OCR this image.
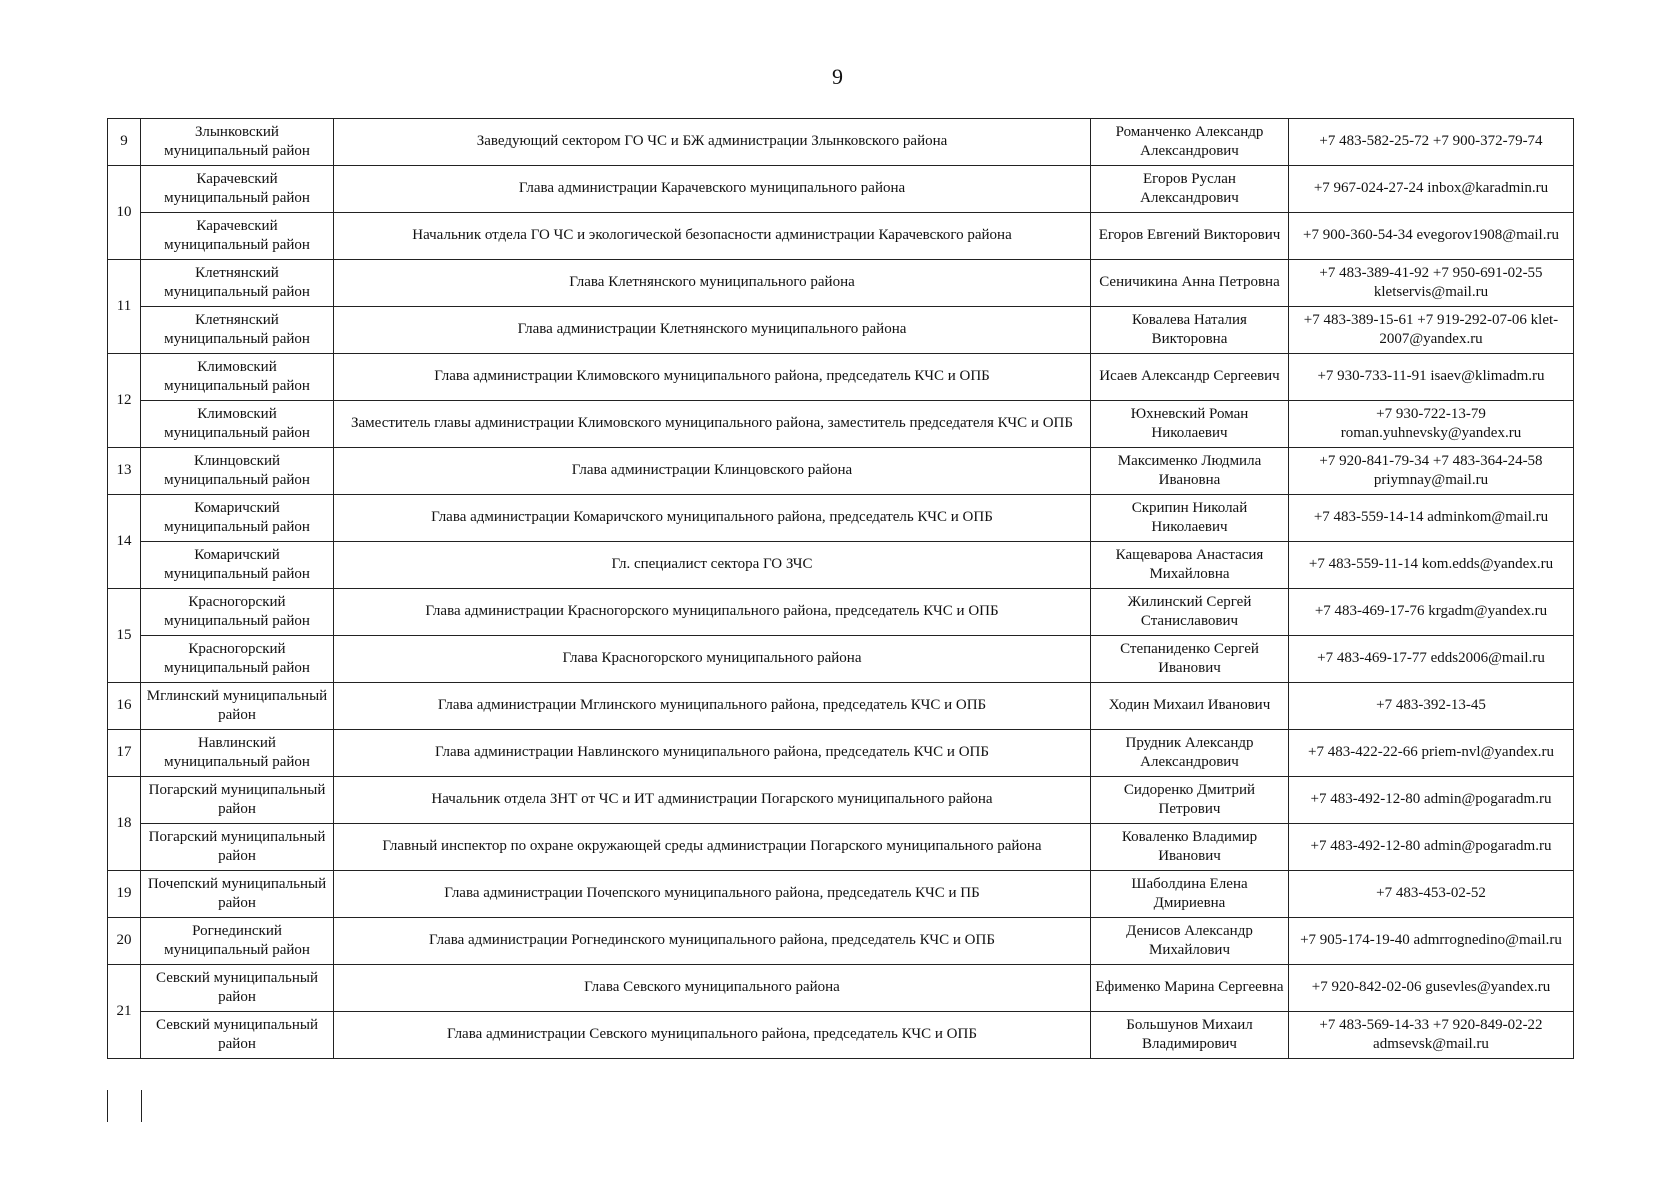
9
9	Злынковский муниципальный район	Заведующий сектором ГО ЧС и БЖ администрации Злынковского района	Романченко Александр Александрович	+7 483-582-25-72 +7 900-372-79-74
10	Карачевский муниципальный район	Глава администрации Карачевского муниципального района	Егоров Руслан Александрович	+7 967-024-27-24 inbox@karadmin.ru
	Карачевский муниципальный район	Начальник отдела ГО ЧС и экологической безопасности администрации Карачевского района	Егоров Евгений Викторович	+7 900-360-54-34 evegorov1908@mail.ru
11	Клетнянский муниципальный район	Глава Клетнянского муниципального района	Сеничикина Анна Петровна	+7 483-389-41-92 +7 950-691-02-55 kletservis@mail.ru
	Клетнянский муниципальный район	Глава администрации Клетнянского муниципального района	Ковалева Наталия Викторовна	+7 483-389-15-61 +7 919-292-07-06 klet-2007@yandex.ru
12	Климовский муниципальный район	Глава администрации Климовского муниципального района, председатель КЧС и ОПБ	Исаев Александр Сергеевич	+7 930-733-11-91 isaev@klimadm.ru
	Климовский муниципальный район	Заместитель главы администрации Климовского муниципального района, заместитель председателя КЧС и ОПБ	Юхневский Роман Николаевич	+7 930-722-13-79 roman.yuhnevsky@yandex.ru
13	Клинцовский муниципальный район	Глава администрации Клинцовского района	Максименко Людмила Ивановна	+7 920-841-79-34 +7 483-364-24-58 priymnay@mail.ru
14	Комаричский муниципальный район	Глава администрации Комаричского муниципального района, председатель КЧС и ОПБ	Скрипин Николай Николаевич	+7 483-559-14-14 adminkom@mail.ru
	Комаричский муниципальный район	Гл. специалист сектора ГО ЗЧС	Кащеварова Анастасия Михайловна	+7 483-559-11-14 kom.edds@yandex.ru
15	Красногорский муниципальный район	Глава администрации Красногорского муниципального района, председатель КЧС и ОПБ	Жилинский Сергей Станиславович	+7 483-469-17-76 krgadm@yandex.ru
	Красногорский муниципальный район	Глава Красногорского муниципального района	Степаниденко Сергей Иванович	+7 483-469-17-77 edds2006@mail.ru
16	Мглинский муниципальный район	Глава администрации Мглинского муниципального района, председатель КЧС и ОПБ	Ходин Михаил Иванович	+7 483-392-13-45
17	Навлинский муниципальный район	Глава администрации Навлинского муниципального района, председатель КЧС и ОПБ	Прудник Александр Александрович	+7 483-422-22-66 priem-nvl@yandex.ru
18	Погарский муниципальный район	Начальник отдела ЗНТ от ЧС и ИТ администрации Погарского муниципального района	Сидоренко Дмитрий Петрович	+7 483-492-12-80 admin@pogaradm.ru
	Погарский муниципальный район	Главный инспектор по охране окружающей среды администрации Погарского муниципального района	Коваленко Владимир Иванович	+7 483-492-12-80 admin@pogaradm.ru
19	Почепский муниципальный район	Глава администрации Почепского муниципального района, председатель КЧС и ПБ	Шаболдина Елена Дмириевна	+7 483-453-02-52
20	Рогнединский муниципальный район	Глава администрации Рогнединского муниципального района, председатель КЧС и ОПБ	Денисов Александр Михайлович	+7 905-174-19-40 admrrognedino@mail.ru
21	Севский муниципальный район	Глава Севского муниципального района	Ефименко Марина Сергеевна	+7 920-842-02-06 gusevles@yandex.ru
	Севский муниципальный район	Глава администрации Севского муниципального района, председатель КЧС и ОПБ	Большунов Михаил Владимирович	+7 483-569-14-33 +7 920-849-02-22 admsevsk@mail.ru
